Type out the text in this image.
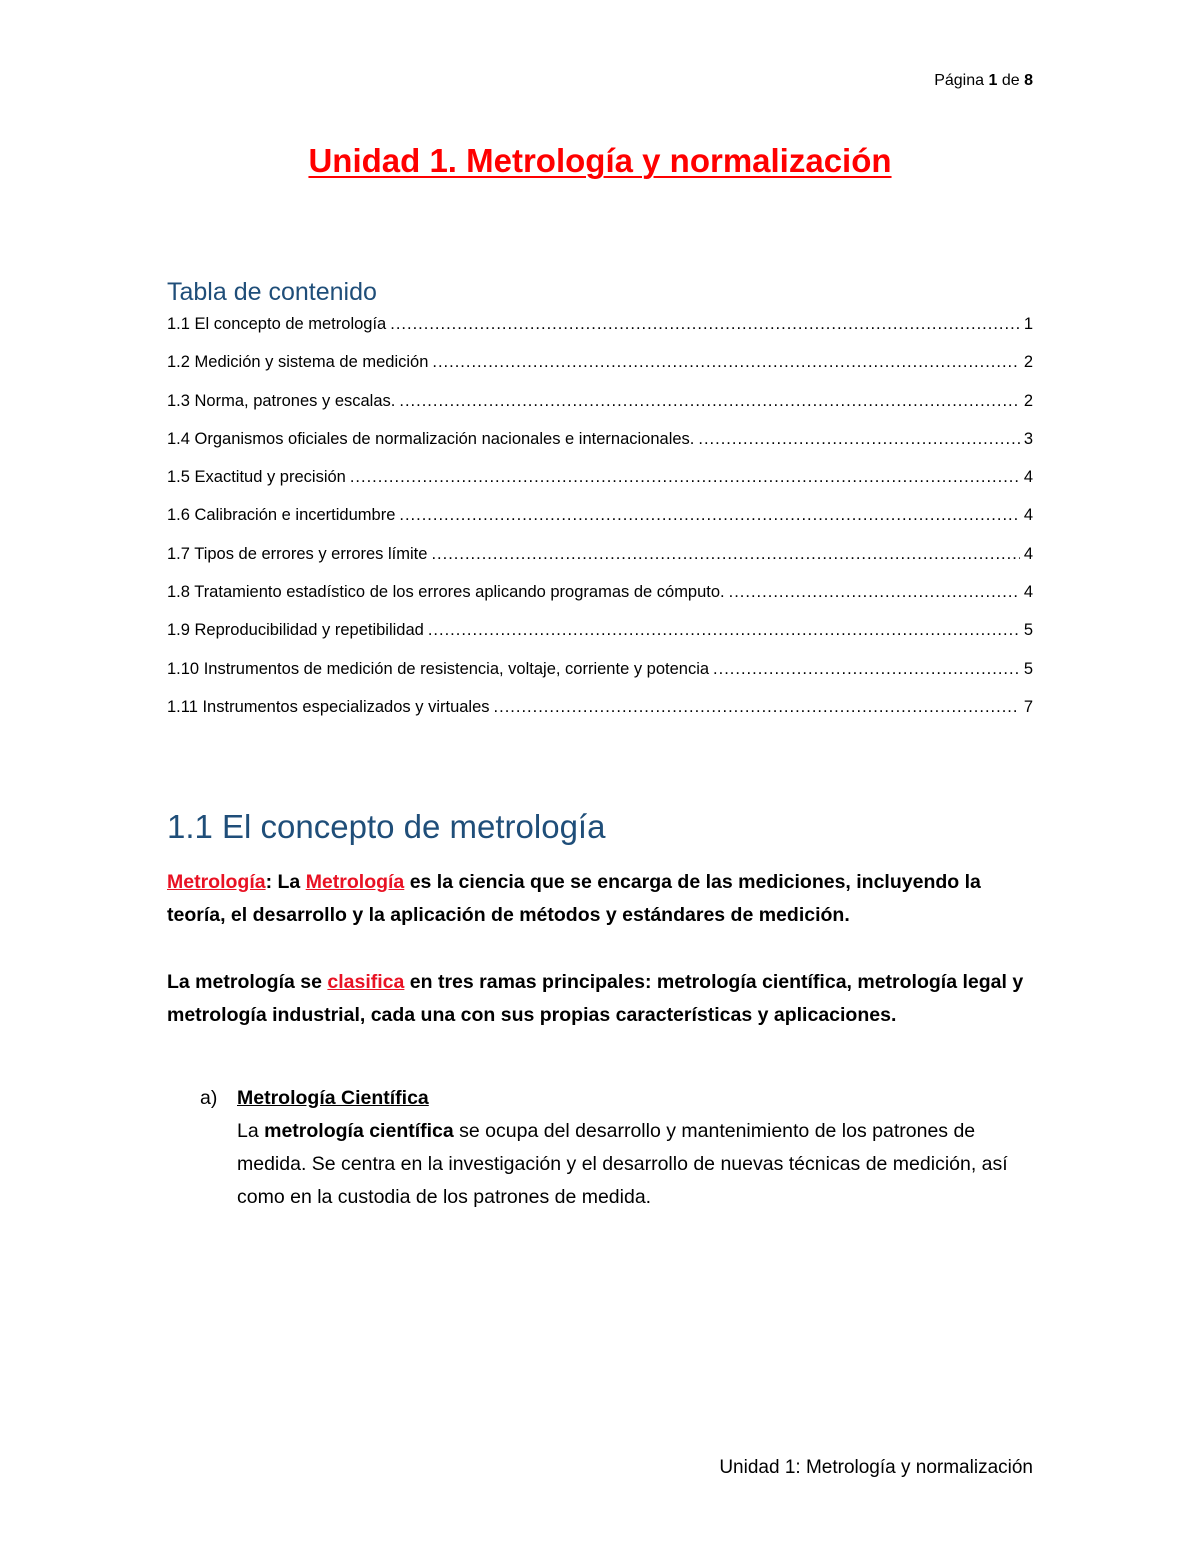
Página 1 de 8
Unidad 1. Metrología y normalización
Tabla de contenido
1.1 El concepto de metrología .....	1
1.2 Medición y sistema de medición .....	2
1.3 Norma, patrones y escalas. .....	2
1.4 Organismos oficiales de normalización nacionales e internacionales. .....	3
1.5 Exactitud y precisión .....	4
1.6 Calibración e incertidumbre .....	4
1.7 Tipos de errores y errores límite .....	4
1.8 Tratamiento estadístico de los errores aplicando programas de cómputo. .....	4
1.9 Reproducibilidad y repetibilidad .....	5
1.10 Instrumentos de medición de resistencia, voltaje, corriente y potencia .....	5
1.11 Instrumentos especializados y virtuales .....	7
1.1 El concepto de metrología

Metrología: La Metrología es la ciencia que se encarga de las mediciones, incluyendo la teoría, el desarrollo y la aplicación de métodos y estándares de medición.

La metrología se clasifica en tres ramas principales: metrología científica, metrología legal y metrología industrial, cada una con sus propias características y aplicaciones.

a) Metrología Científica
La metrología científica se ocupa del desarrollo y mantenimiento de los patrones de medida. Se centra en la investigación y el desarrollo de nuevas técnicas de medición, así como en la custodia de los patrones de medida.
Unidad 1: Metrología y normalización
